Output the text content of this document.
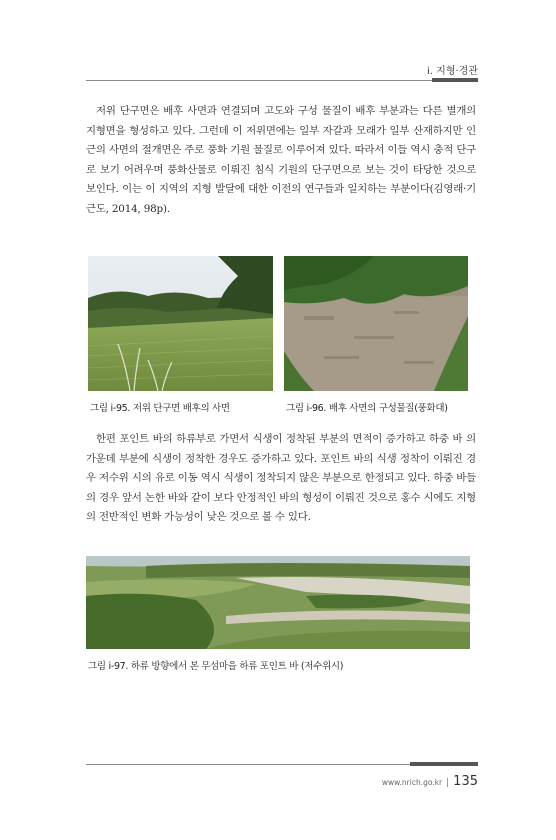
i. 지형·경관

저위 단구면은 배후 사면과 연결되며 고도와 구성 물질이 배후 부분과는 다른 별개의 지형면을 형성하고 있다. 그런데 이 저위면에는 일부 자갈과 모래가 일부 산재하지만 인근의 사면의 절개면은 주로 풍화 기원 물질로 이루어져 있다. 따라서 이들 역시 충적 단구로 보기 어려우며 풍화산물로 이뤄진 침식 기원의 단구면으로 보는 것이 타당한 것으로 보인다. 이는 이 지역의 지형 발달에 대한 이전의 연구들과 일치하는 부분이다(김영래·기근도, 2014, 98p).

그림 ⅰ-95. 저위 단구면 배후의 사면	그림 ⅰ-96. 배후 사면의 구성물질(풍화대)

한편 포인트 바의 하류부로 가면서 식생이 정착된 부분의 면적이 증가하고 하중 바 의 가운데 부분에 식생이 정착한 경우도 증가하고 있다. 포인트 바의 식생 정착이 이뤄진 경우 저수위 시의 유로 이동 역시 식생이 정착되지 않은 부분으로 한정되고 있다. 하중 바들의 경우 앞서 논한 바와 같이 보다 안정적인 바의 형성이 이뤄진 것으로 홍수 시에도 지형의 전반적인 변화 가능성이 낮은 것으로 볼 수 있다.

그림 ⅰ-97. 하류 방향에서 본 무섬마을 하류 포인트 바 (저수위시)
www.nrich.go.kr | 135
